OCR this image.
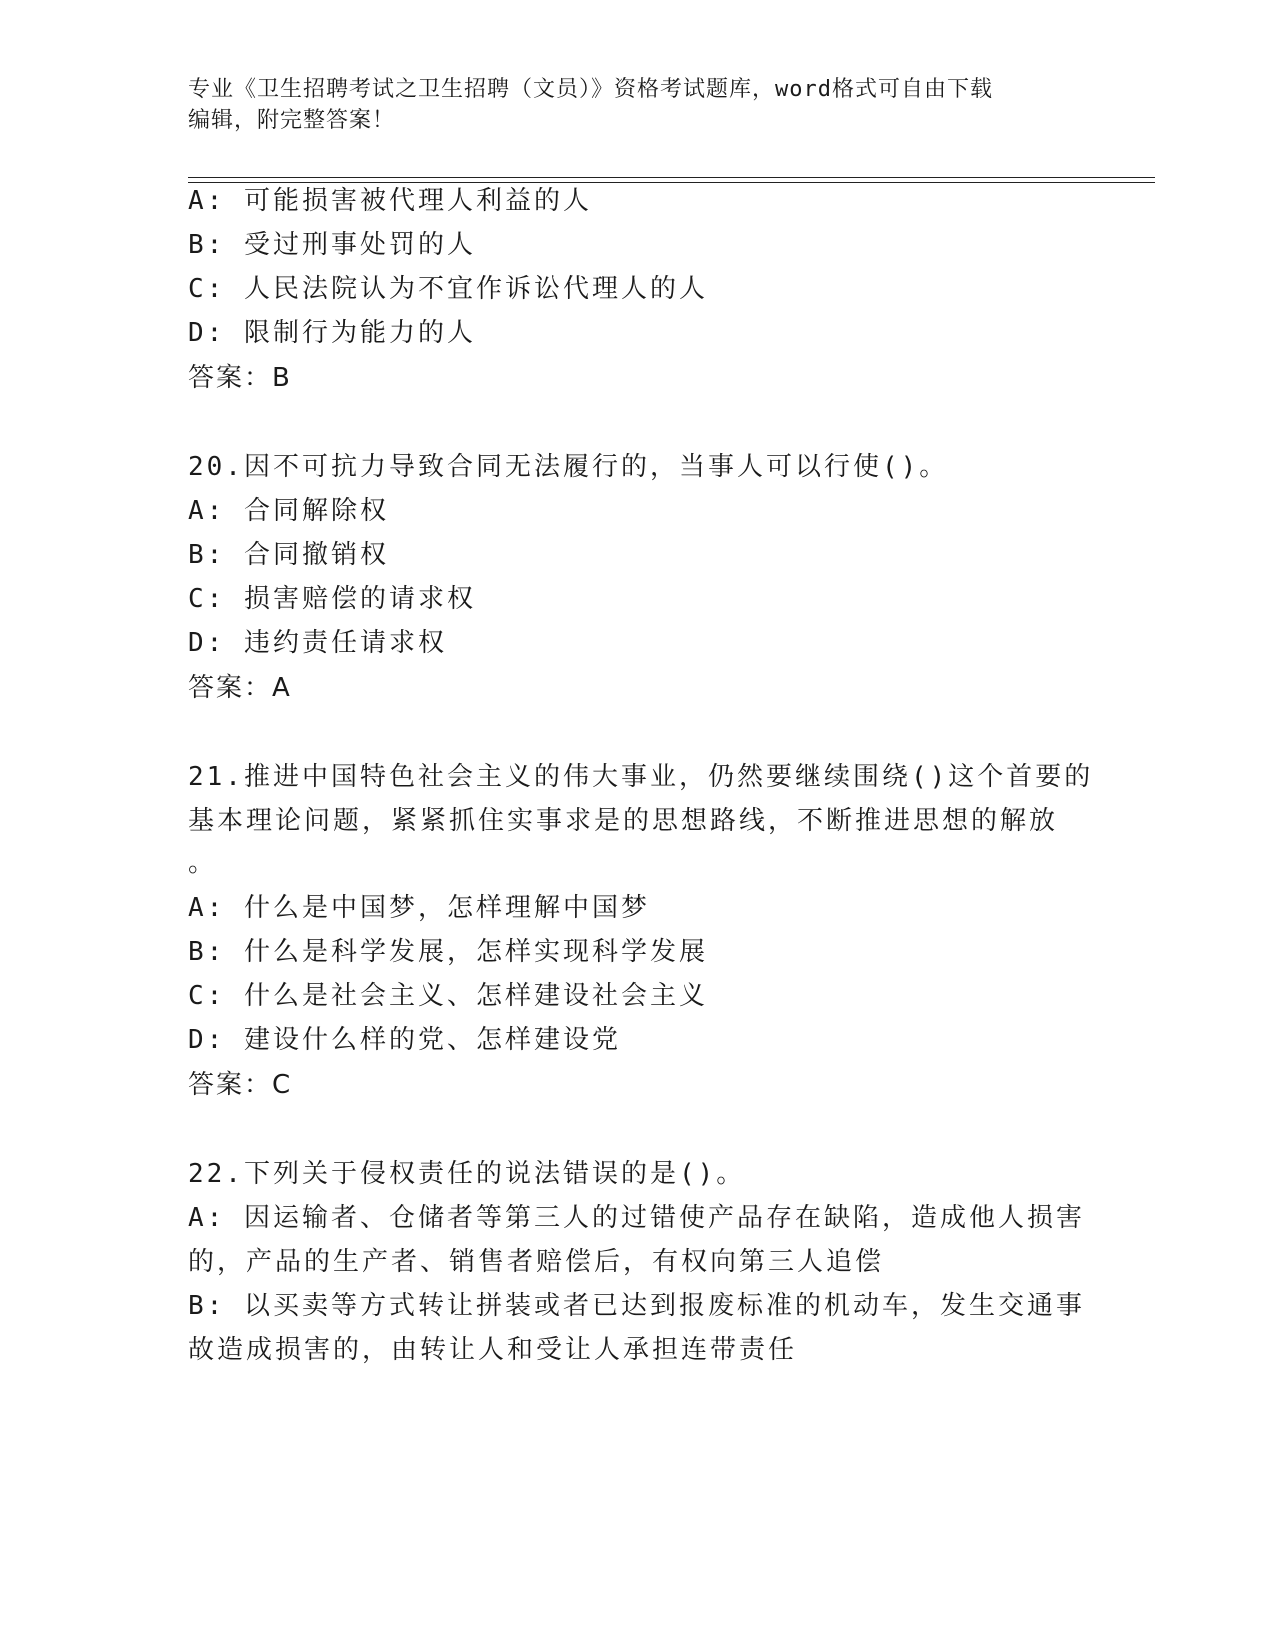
专业《卫生招聘考试之卫生招聘（文员）》资格考试题库，word格式可自由下载
编辑，附完整答案！
A: 可能损害被代理人利益的人
B: 受过刑事处罚的人
C: 人民法院认为不宜作诉讼代理人的人
D: 限制行为能力的人
答案：B
20.因不可抗力导致合同无法履行的，当事人可以行使()。
A: 合同解除权
B: 合同撤销权
C: 损害赔偿的请求权
D: 违约责任请求权
答案：A
21.推进中国特色社会主义的伟大事业，仍然要继续围绕()这个首要的
基本理论问题，紧紧抓住实事求是的思想路线，不断推进思想的解放
。
A: 什么是中国梦，怎样理解中国梦
B: 什么是科学发展，怎样实现科学发展
C: 什么是社会主义、怎样建设社会主义
D: 建设什么样的党、怎样建设党
答案：C
22.下列关于侵权责任的说法错误的是()。
A: 因运输者、仓储者等第三人的过错使产品存在缺陷，造成他人损害
的，产品的生产者、销售者赔偿后，有权向第三人追偿
B: 以买卖等方式转让拼装或者已达到报废标准的机动车，发生交通事
故造成损害的，由转让人和受让人承担连带责任
